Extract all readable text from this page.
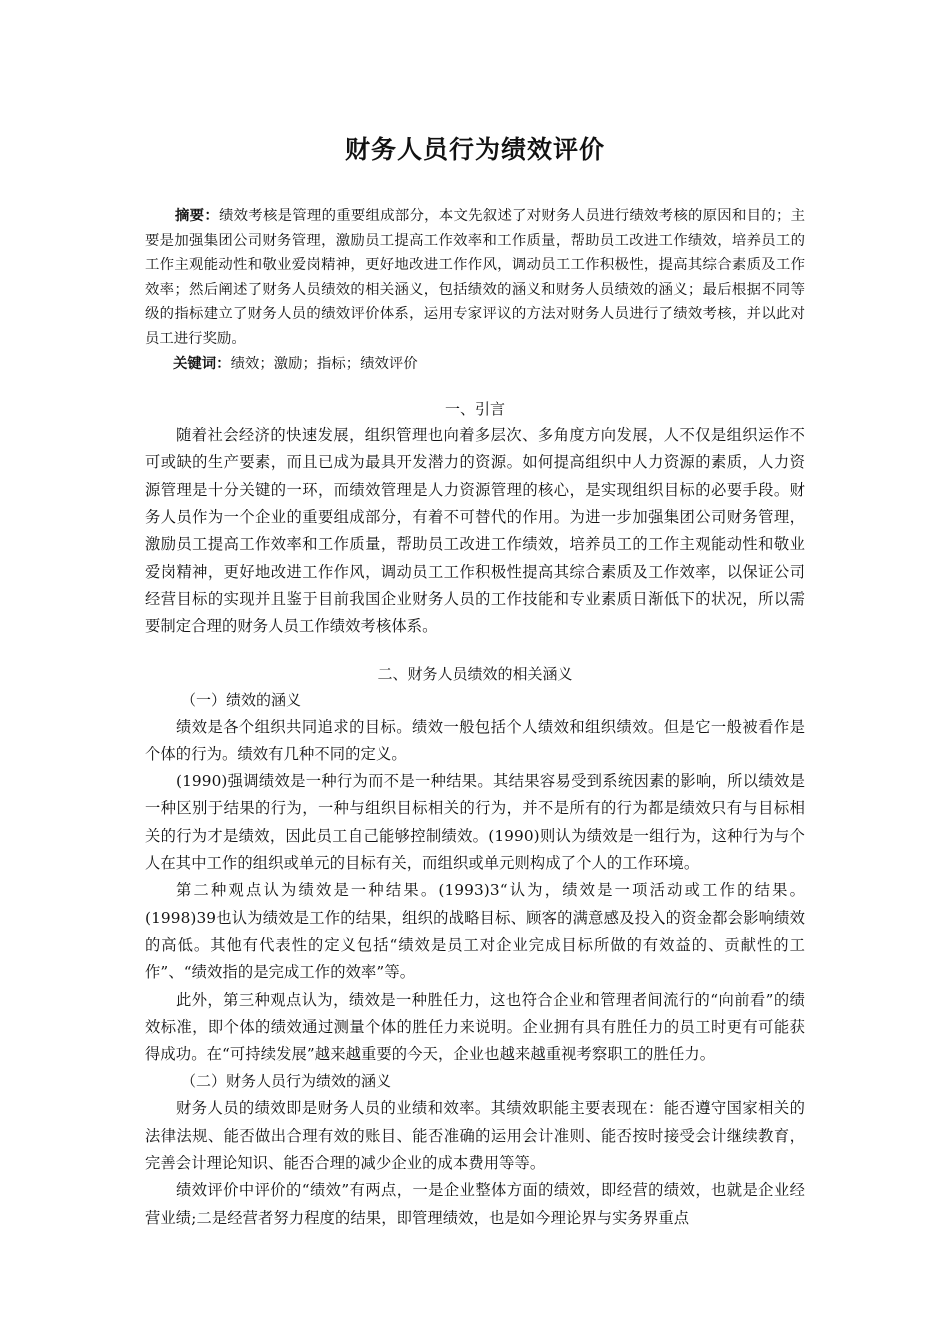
财务人员行为绩效评价

摘要：绩效考核是管理的重要组成部分，本文先叙述了对财务人员进行绩效考核的原因和目的；主要是加强集团公司财务管理，激励员工提高工作效率和工作质量，帮助员工改进工作绩效，培养员工的工作主观能动性和敬业爱岗精神，更好地改进工作作风，调动员工工作积极性，提高其综合素质及工作效率；然后阐述了财务人员绩效的相关涵义，包括绩效的涵义和财务人员绩效的涵义；最后根据不同等级的指标建立了财务人员的绩效评价体系，运用专家评议的方法对财务人员进行了绩效考核，并以此对员工进行奖励。

关键词：绩效；激励；指标；绩效评价

一、引言

随着社会经济的快速发展，组织管理也向着多层次、多角度方向发展，人不仅是组织运作不可或缺的生产要素，而且已成为最具开发潜力的资源。如何提高组织中人力资源的素质，人力资源管理是十分关键的一环，而绩效管理是人力资源管理的核心，是实现组织目标的必要手段。财务人员作为一个企业的重要组成部分，有着不可替代的作用。为进一步加强集团公司财务管理，激励员工提高工作效率和工作质量，帮助员工改进工作绩效，培养员工的工作主观能动性和敬业爱岗精神，更好地改进工作作风，调动员工工作积极性提高其综合素质及工作效率，以保证公司经营目标的实现并且鉴于目前我国企业财务人员的工作技能和专业素质日渐低下的状况，所以需要制定合理的财务人员工作绩效考核体系。

二、财务人员绩效的相关涵义

（一）绩效的涵义

绩效是各个组织共同追求的目标。绩效一般包括个人绩效和组织绩效。但是它一般被看作是个体的行为。绩效有几种不同的定义。

(1990)强调绩效是一种行为而不是一种结果。其结果容易受到系统因素的影响，所以绩效是一种区别于结果的行为，一种与组织目标相关的行为，并不是所有的行为都是绩效只有与目标相关的行为才是绩效，因此员工自己能够控制绩效。(1990)则认为绩效是一组行为，这种行为与个人在其中工作的组织或单元的目标有关，而组织或单元则构成了个人的工作环境。

第二种观点认为绩效是一种结果。(1993)3“认为，绩效是一项活动或工作的结果。(1998)39也认为绩效是工作的结果，组织的战略目标、顾客的满意感及投入的资金都会影响绩效的高低。其他有代表性的定义包括“绩效是员工对企业完成目标所做的有效益的、贡献性的工作”、“绩效指的是完成工作的效率”等。

此外，第三种观点认为，绩效是一种胜任力，这也符合企业和管理者间流行的“向前看”的绩效标准，即个体的绩效通过测量个体的胜任力来说明。企业拥有具有胜任力的员工时更有可能获得成功。在“可持续发展”越来越重要的今天，企业也越来越重视考察职工的胜任力。

（二）财务人员行为绩效的涵义

财务人员的绩效即是财务人员的业绩和效率。其绩效职能主要表现在：能否遵守国家相关的法律法规、能否做出合理有效的账目、能否准确的运用会计准则、能否按时接受会计继续教育，完善会计理论知识、能否合理的减少企业的成本费用等等。

绩效评价中评价的“绩效”有两点，一是企业整体方面的绩效，即经营的绩效，也就是企业经营业绩;二是经营者努力程度的结果，即管理绩效，也是如今理论界与实务界重点
